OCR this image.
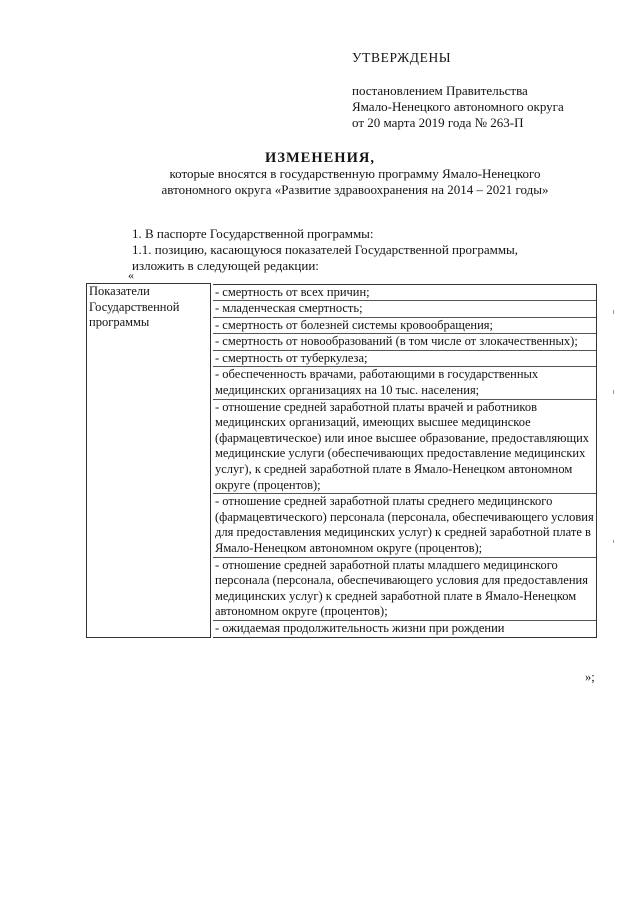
УТВЕРЖДЕНЫ
постановлением Правительства
Ямало-Ненецкого автономного округа
от 20 марта 2019 года № 263-П
ИЗМЕНЕНИЯ,
которые вносятся в государственную программу Ямало-Ненецкого
автономного округа «Развитие здравоохранения на 2014 – 2021 годы»
1. В паспорте Государственной программы:
1.1. позицию, касающуюся показателей Государственной программы,
изложить в следующей редакции:
«
Показатели
Государственной
программы	
- смертность от всех причин;
- младенческая смертность;
- смертность от болезней системы кровообращения;
- смертность от новообразований (в том числе от злокачественных);
- смертность от туберкулеза;
- обеспеченность врачами, работающими в государственных медицинских организациях на 10 тыс. населения;
- отношение средней заработной платы врачей и работников медицинских организаций, имеющих высшее медицинское (фармацевтическое) или иное высшее образование, предоставляющих медицинские услуги (обеспечивающих предоставление медицинских услуг), к средней заработной плате в Ямало-Ненецком автономном округе (процентов);
- отношение средней заработной платы среднего медицинского (фармацевтического) персонала (персонала, обеспечивающего условия для предоставления медицинских услуг) к средней заработной плате в Ямало-Ненецком автономном округе (процентов);
- отношение средней заработной платы младшего медицинского персонала (персонала, обеспечивающего условия для предоставления медицинских услуг) к средней заработной плате в Ямало-Ненецком автономном округе (процентов);
- ожидаемая продолжительность жизни при рождении
»;
